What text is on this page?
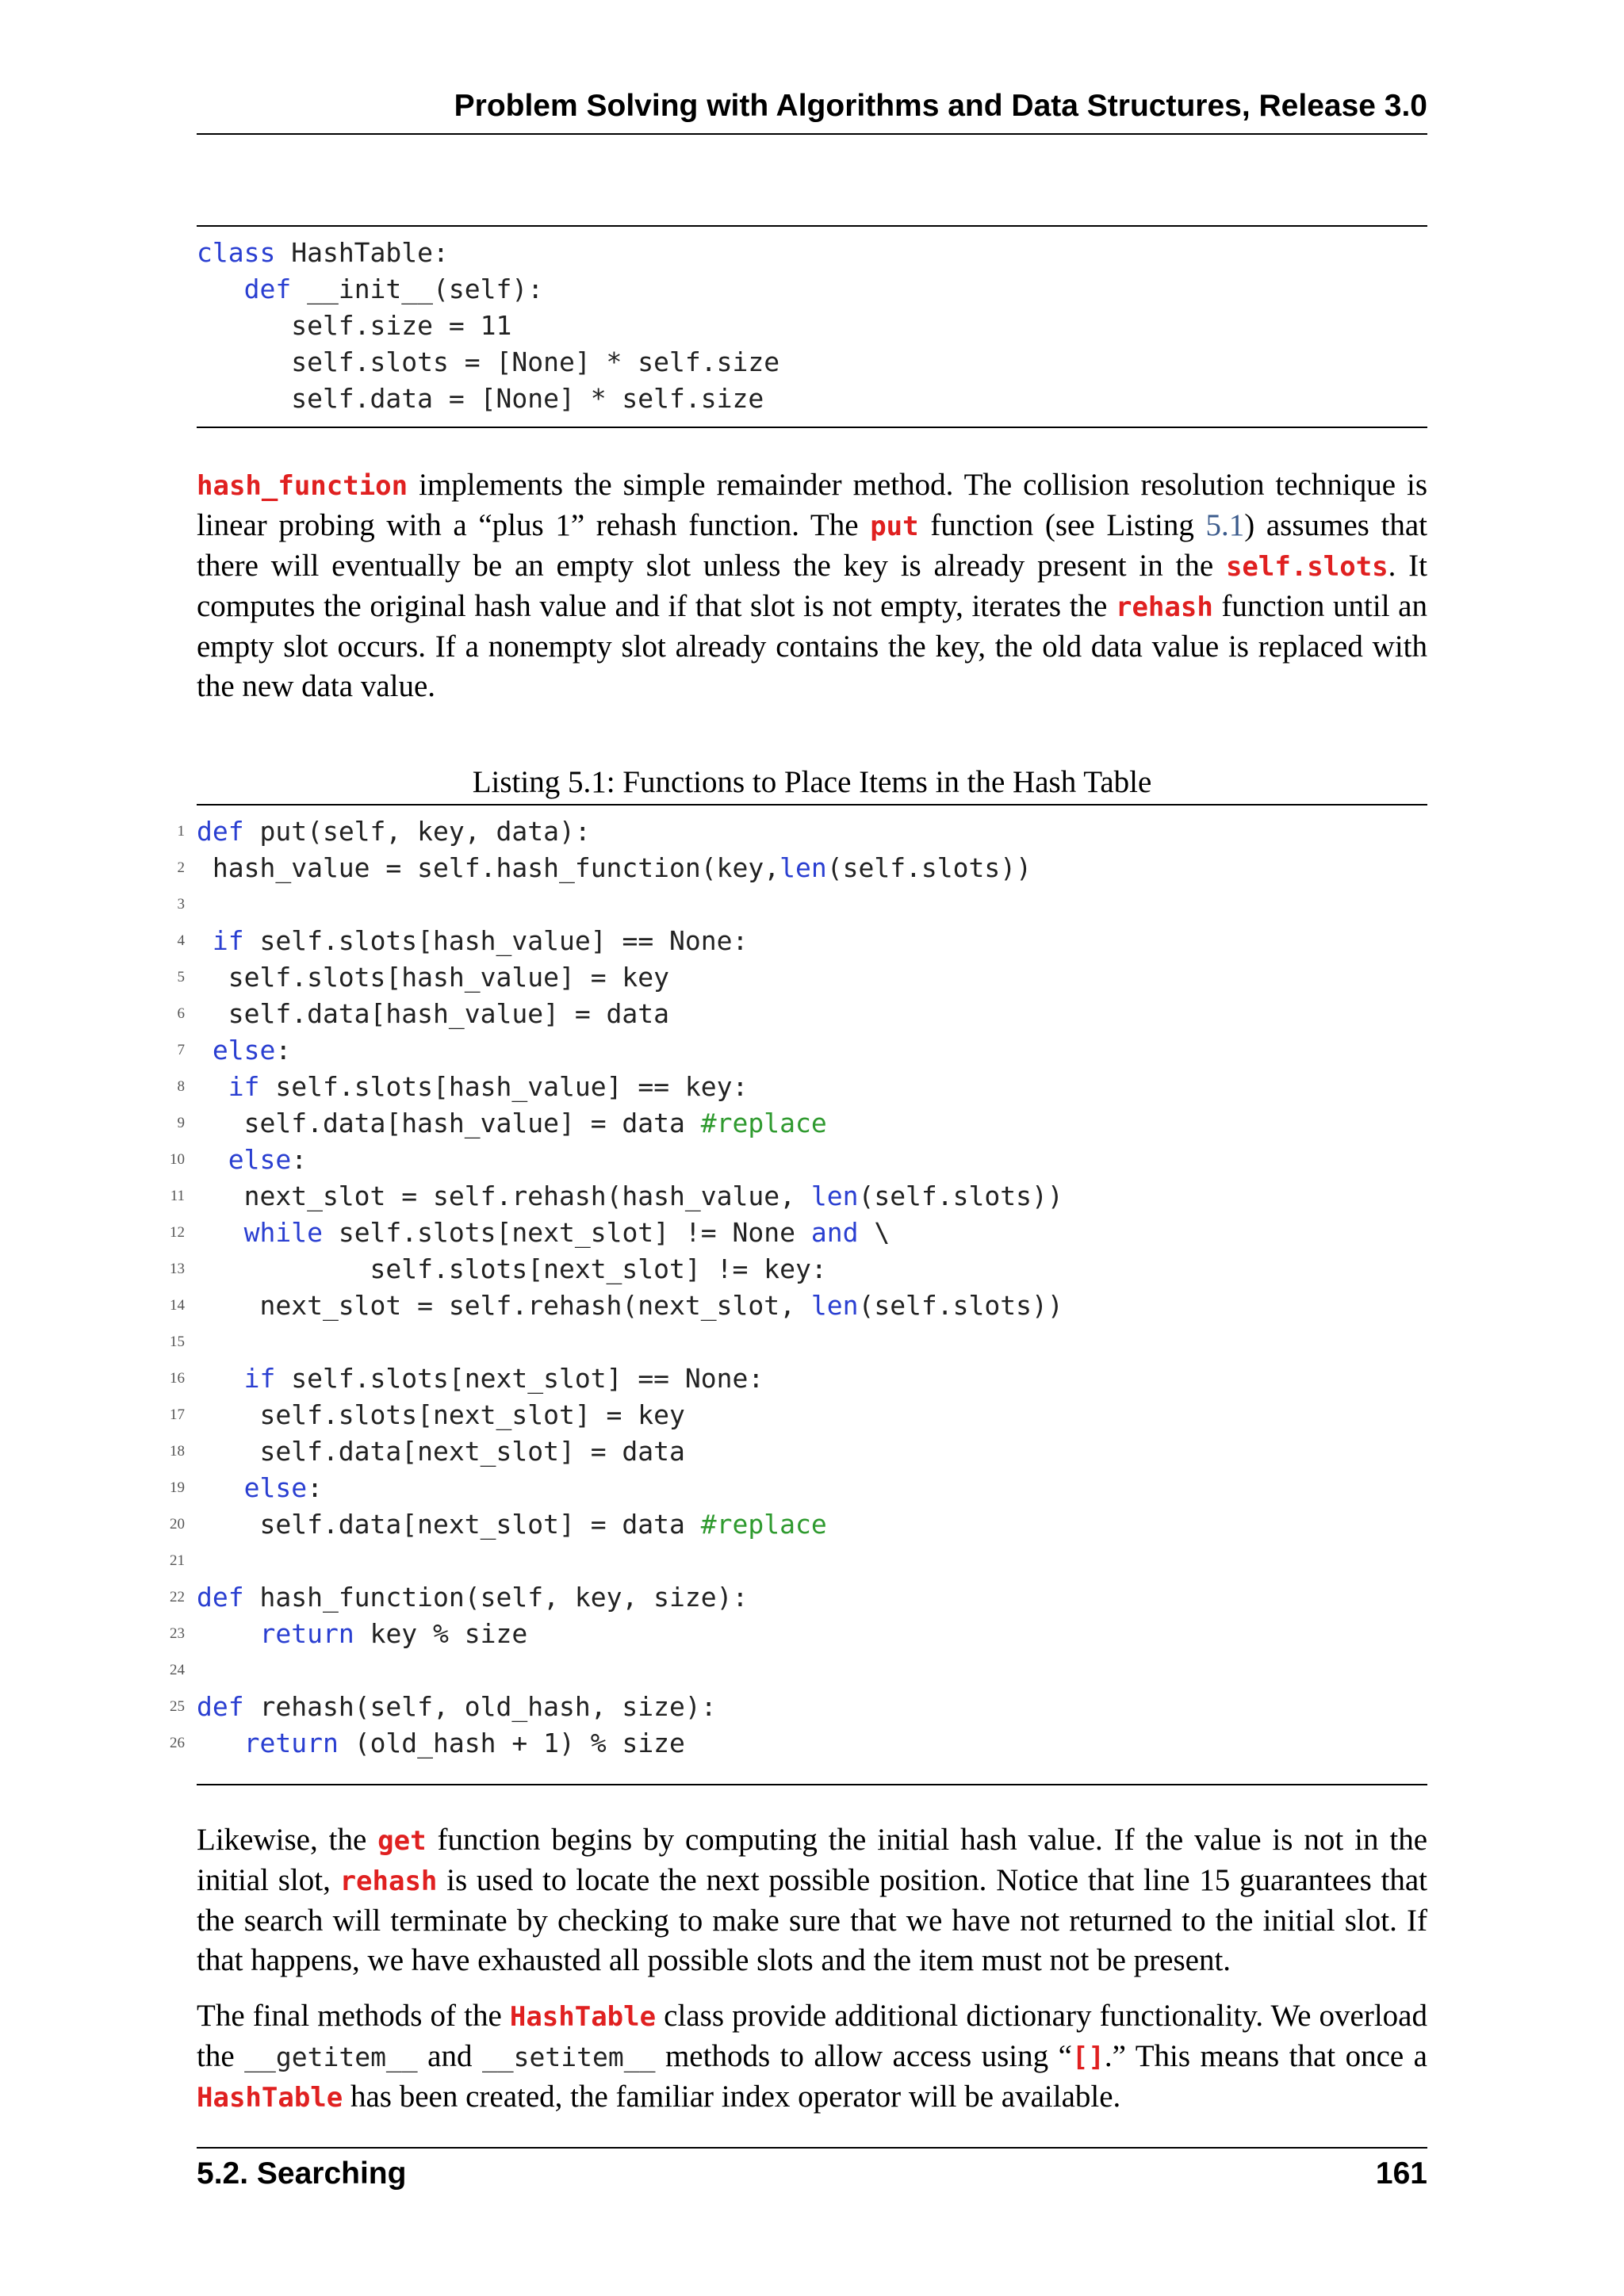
Problem Solving with Algorithms and Data Structures, Release 3.0
class HashTable:
def __init__(self):
self.size = 11
self.slots = [None] * self.size
self.data = [None] * self.size

hash_function implements the simple remainder method. The collision resolution technique is linear probing with a “plus 1” rehash function. The put function (see Listing 5.1) assumes that there will eventually be an empty slot unless the key is already present in the self.slots. It computes the original hash value and if that slot is not empty, iterates the rehash function until an empty slot occurs. If a nonempty slot already contains the key, the old data value is replaced with the new data value.

Listing 5.1: Functions to Place Items in the Hash Table
1 def put(self, key, data):
2 hash_value = self.hash_function(key,len(self.slots))
3
4 if self.slots[hash_value] == None:
5 self.slots[hash_value] = key
6 self.data[hash_value] = data
7 else:
8 if self.slots[hash_value] == key:
9 self.data[hash_value] = data #replace
10 else:
11 next_slot = self.rehash(hash_value, len(self.slots))
12 while self.slots[next_slot] != None and \
13 self.slots[next_slot] != key:
14 next_slot = self.rehash(next_slot, len(self.slots))
15
16 if self.slots[next_slot] == None:
17 self.slots[next_slot] = key
18 self.data[next_slot] = data
19 else:
20 self.data[next_slot] = data #replace
21
22 def hash_function(self, key, size):
23	return key % size
24
25 def rehash(self, old_hash, size):
26 return (old_hash + 1) % size

Likewise, the get function begins by computing the initial hash value. If the value is not in the initial slot, rehash is used to locate the next possible position. Notice that line 15 guarantees that the search will terminate by checking to make sure that we have not returned to the initial slot. If that happens, we have exhausted all possible slots and the item must not be present.

The final methods of the HashTable class provide additional dictionary functionality. We overload the __getitem__ and __setitem__ methods to allow access using “[].” This means that once a HashTable has been created, the familiar index operator will be available.

5.2. Searching	161
